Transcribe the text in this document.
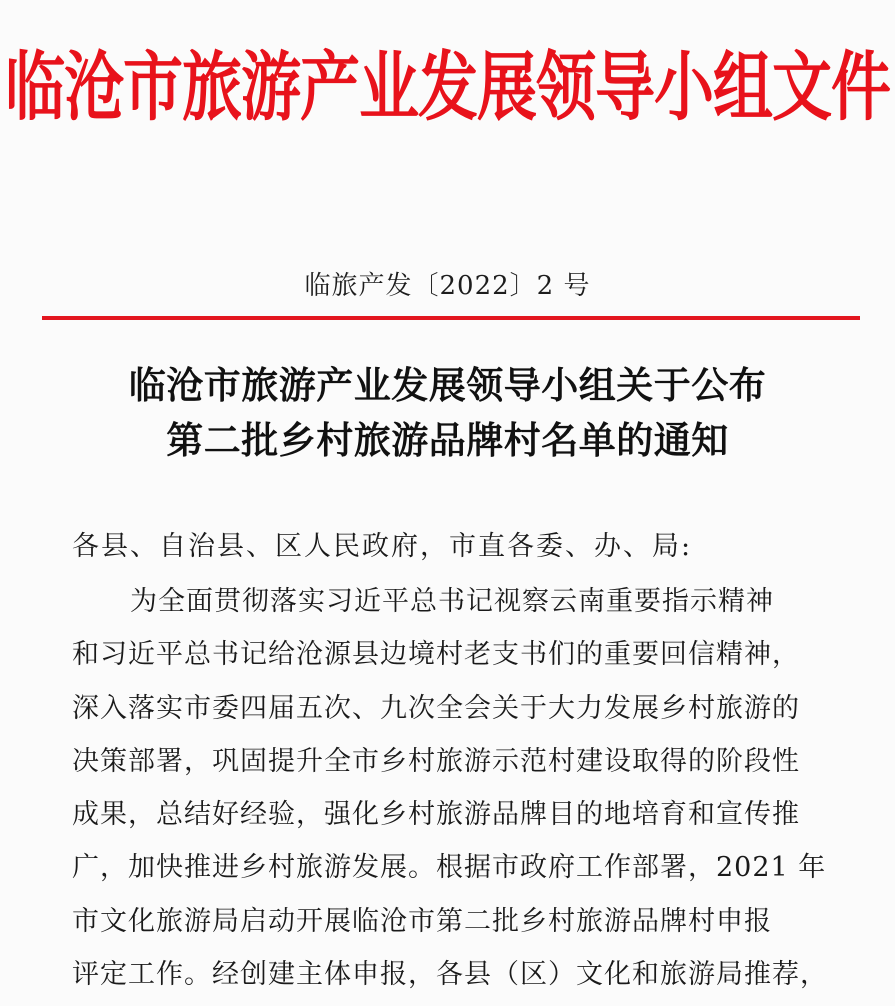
临沧市旅游产业发展领导小组文件
临旅产发〔2022〕2 号
临沧市旅游产业发展领导小组关于公布
第二批乡村旅游品牌村名单的通知
各县、自治县、区人民政府，市直各委、办、局:
为全面贯彻落实习近平总书记视察云南重要指示精神
和习近平总书记给沧源县边境村老支书们的重要回信精神，
深入落实市委四届五次、九次全会关于大力发展乡村旅游的
决策部署，巩固提升全市乡村旅游示范村建设取得的阶段性
成果，总结好经验，强化乡村旅游品牌目的地培育和宣传推
广，加快推进乡村旅游发展。根据市政府工作部署，2021 年
市文化旅游局启动开展临沧市第二批乡村旅游品牌村申报
评定工作。经创建主体申报，各县（区）文化和旅游局推荐，
